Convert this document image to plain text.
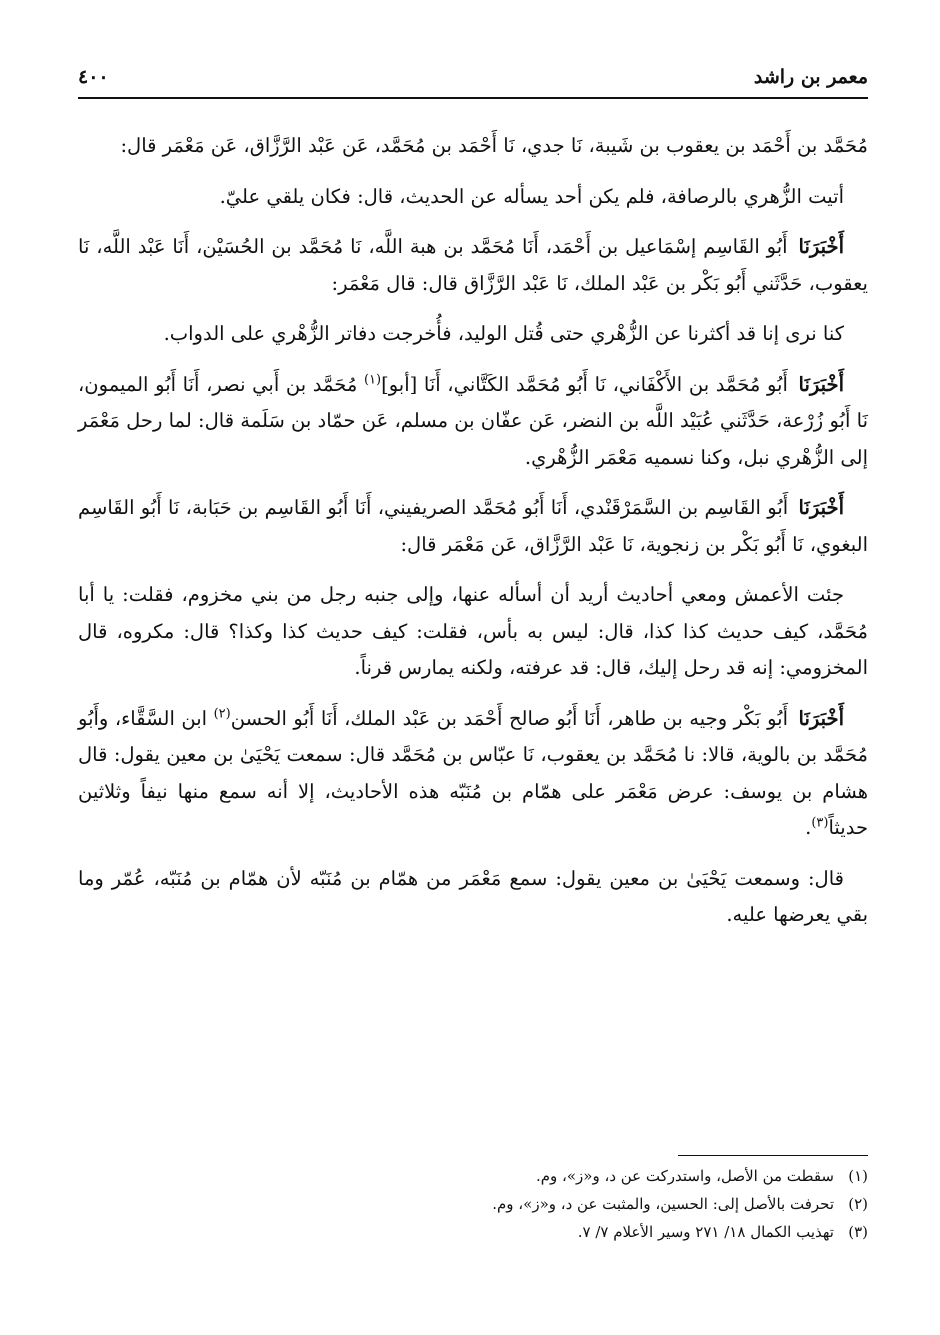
٤٠٠	معمر بن راشد

مُحَمَّد بن أَحْمَد بن يعقوب بن شَيبة، نَا جدي، نَا أَحْمَد بن مُحَمَّد، عَن عَبْد الرَّزَّاق، عَن مَعْمَر قال:

أتيت الزُّهري بالرصافة، فلم يكن أحد يسأله عن الحديث، قال: فكان يلقي عليّ.

أَخْبَرَنَا أَبُو القَاسِم إسْمَاعيل بن أَحْمَد، أَنَا مُحَمَّد بن هبة اللَّه، نَا مُحَمَّد بن الحُسَيْن، أَنَا عَبْد اللَّه، نَا يعقوب، حَدَّثَني أَبُو بَكْر بن عَبْد الملك، نَا عَبْد الرَّزَّاق قال: قال مَعْمَر:

كنا نرى إنا قد أكثرنا عن الزُّهْري حتى قُتل الوليد، فأُخرجت دفاتر الزُّهْري على الدواب.

أَخْبَرَنَا أَبُو مُحَمَّد بن الأَكْفَاني، نَا أَبُو مُحَمَّد الكَتَّاني، أَنَا [أبو]$^{(١)}$ مُحَمَّد بن أَبي نصر، أَنَا أَبُو الميمون، نَا أَبُو زُرْعة، حَدَّثَني عُبَيْد اللَّه بن النضر، عَن عفّان بن مسلم، عَن حمّاد بن سَلَمة قال: لما رحل مَعْمَر إلى الزُّهْري نبل، وكنا نسميه مَعْمَر الزُّهْري.

أَخْبَرَنَا أَبُو القَاسِم بن السَّمَرْقَنْدي، أَنَا أَبُو مُحَمَّد الصريفيني، أَنَا أَبُو القَاسِم بن حَبَابة، نَا أَبُو القَاسِم البغوي، نَا أَبُو بَكْر بن زنجوية، نَا عَبْد الرَّزَّاق، عَن مَعْمَر قال:

جئت الأعمش ومعي أحاديث أريد أن أسأله عنها، وإلى جنبه رجل من بني مخزوم، فقلت: يا أبا مُحَمَّد، كيف حديث كذا كذا، قال: ليس به بأس، فقلت: كيف حديث كذا وكذا؟ قال: مكروه، قال المخزومي: إنه قد رحل إليك، قال: قد عرفته، ولكنه يمارس قرناً.

أَخْبَرَنَا أَبُو بَكْر وجيه بن طاهر، أَنَا أَبُو صالح أَحْمَد بن عَبْد الملك، أَنَا أَبُو الحسن$^{(٢)}$ ابن السَّقَّاء، وأَبُو مُحَمَّد بن بالوية، قالا: نا مُحَمَّد بن يعقوب، نَا عبّاس بن مُحَمَّد قال: سمعت يَحْيَىٰ بن معين يقول: قال هشام بن يوسف: عرض مَعْمَر على همّام بن مُنَبّه هذه الأحاديث، إلا أنه سمع منها نيفاً وثلاثين حديثاً$^{(٣)}$.

قال: وسمعت يَحْيَىٰ بن معين يقول: سمع مَعْمَر من همّام بن مُنَبّه لأن همّام بن مُنَبّه، عُمّر وما بقي يعرضها عليه.

(١)
سقطت من الأصل، واستدركت عن د، و«ز»، وم.
(٢)
تحرفت بالأصل إلى: الحسين، والمثبت عن د، و«ز»، وم.
(٣)
تهذيب الكمال ١٨/ ٢٧١ وسير الأعلام ٧/ ٧.
